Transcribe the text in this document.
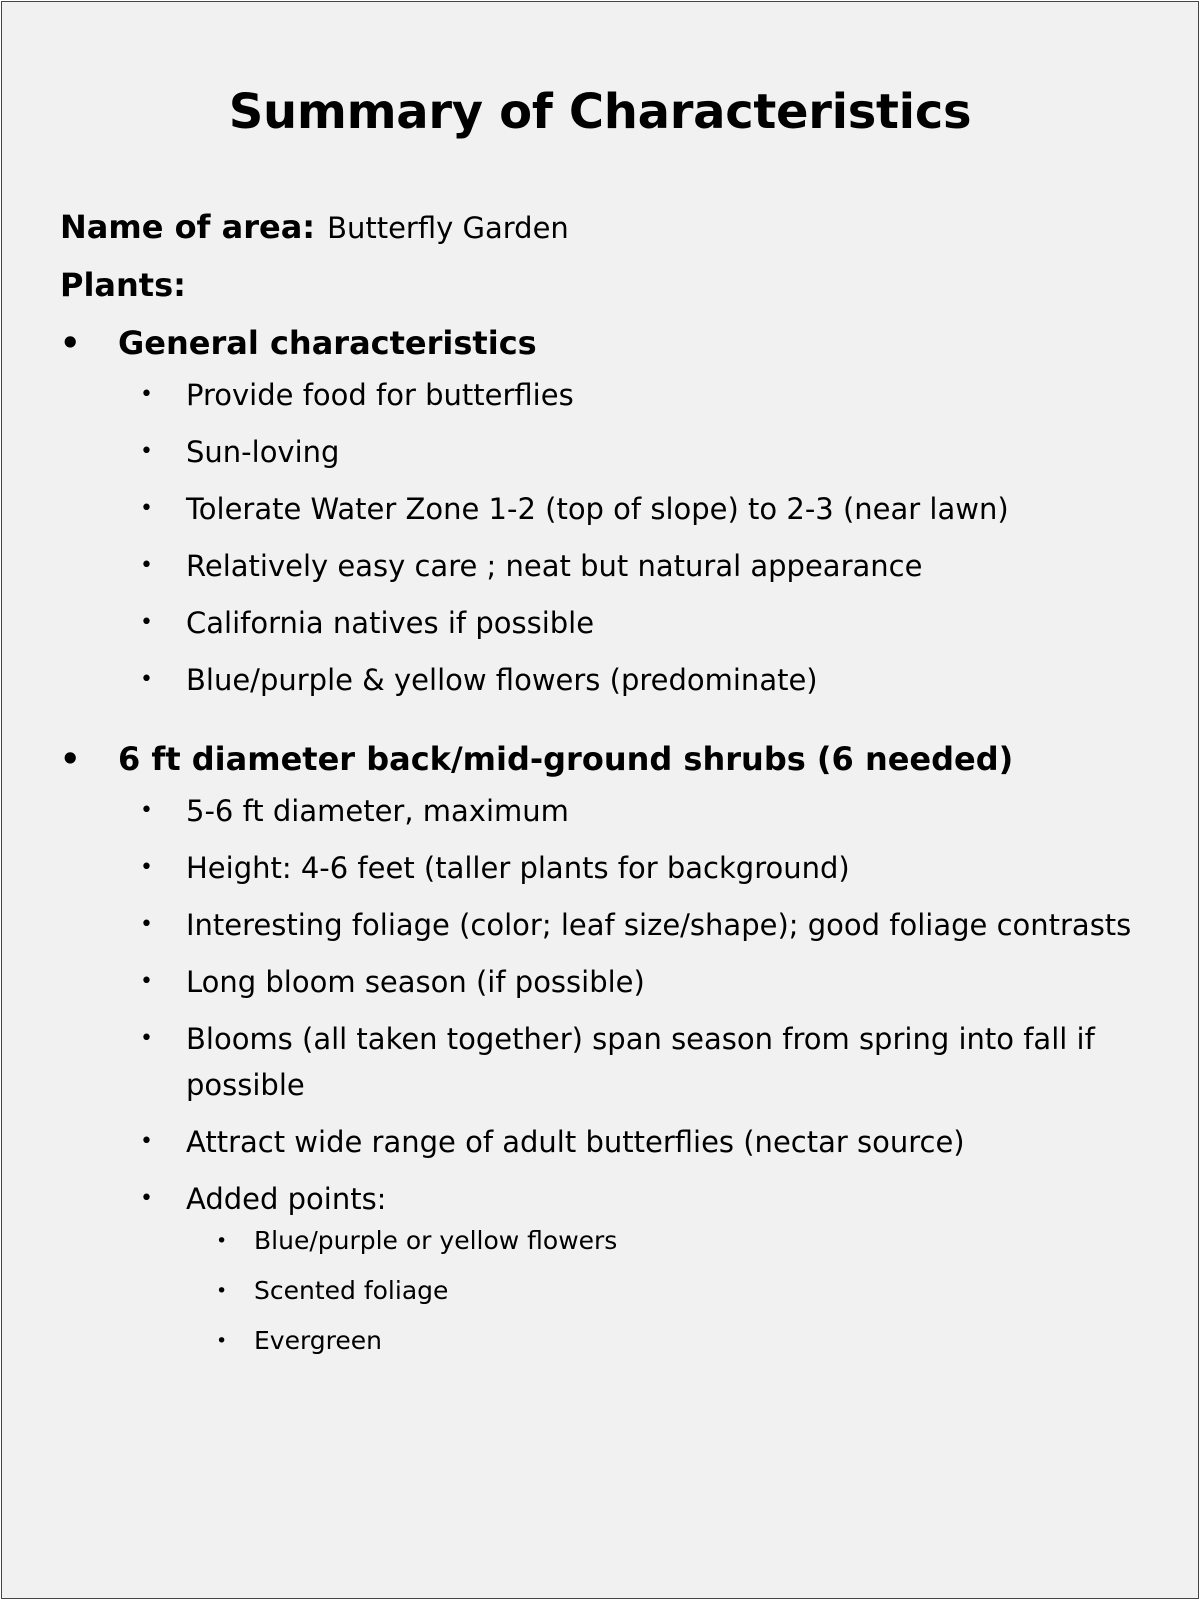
Summary of Characteristics
Name of area: Butterfly Garden
Plants:
• General characteristics
• Provide food for butterflies
• Sun-loving
• Tolerate Water Zone 1-2 (top of slope) to 2-3 (near lawn)
• Relatively easy care ; neat but natural appearance
• California natives if possible
• Blue/purple & yellow flowers (predominate)
• 6 ft diameter back/mid-ground shrubs (6 needed)
• 5-6 ft diameter, maximum
• Height: 4-6 feet (taller plants for background)
• Interesting foliage (color; leaf size/shape); good foliage contrasts
• Long bloom season (if possible)
• Blooms (all taken together) span season from spring into fall if possible
• Attract wide range of adult butterflies (nectar source)
• Added points:
• Blue/purple or yellow flowers
• Scented foliage
• Evergreen
